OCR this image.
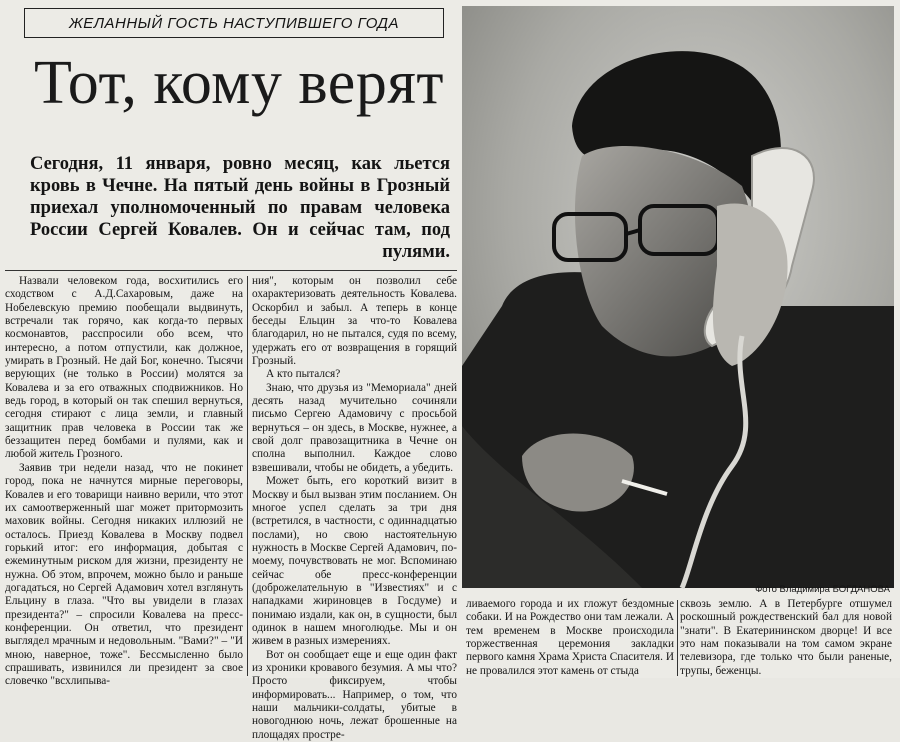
ЖЕЛАННЫЙ ГОСТЬ НАСТУПИВШЕГО ГОДА
Тот, кому верят
Сегодня, 11 января, ровно месяц, как льется кровь в Чечне. На пятый день войны в Грозный приехал уполномоченный по правам человека России Сергей Ковалев. Он и сейчас там, под пулями.

Назвали человеком года, восхитились его сходством с А.Д.Сахаровым, даже на Нобелевскую премию пообещали выдвинуть, встречали так горячо, как когда-то первых космонавтов, расспросили обо всем, что интересно, а потом отпустили, как должное, умирать в Грозный. Не дай Бог, конечно. Тысячи верующих (не только в России) молятся за Ковалева и за его отважных сподвижников. Но ведь город, в который он так спешил вернуться, сегодня стирают с лица земли, и главный защитник прав человека в России так же беззащитен перед бомбами и пулями, как и любой житель Грозного.

Заявив три недели назад, что не покинет город, пока не начнутся мирные переговоры, Ковалев и его товарищи наивно верили, что этот их самоотверженный шаг может притормозить маховик войны. Сегодня никаких иллюзий не осталось. Приезд Ковалева в Москву подвел горький итог: его информация, добытая с ежеминутным риском для жизни, президенту не нужна. Об этом, впрочем, можно было и раньше догадаться, но Сергей Адамович хотел взглянуть Ельцину в глаза. "Что вы увидели в глазах президента?" – спросили Ковалева на пресс-конференции. Он ответил, что президент выглядел мрачным и недовольным. "Вами?" – "И мною, наверное, тоже". Бессмысленно было спрашивать, извинился ли президент за свое словечко "всхлипыва-

ния", которым он позволил себе охарактеризовать деятельность Ковалева. Оскорбил и забыл. А теперь в конце беседы Ельцин за что-то Ковалева благодарил, но не пытался, судя по всему, удержать его от возвращения в горящий Грозный.

А кто пытался?

Знаю, что друзья из "Мемориала" дней десять назад мучительно сочиняли письмо Сергею Адамовичу с просьбой вернуться – он здесь, в Москве, нужнее, а свой долг правозащитника в Чечне он сполна выполнил. Каждое слово взвешивали, чтобы не обидеть, а убедить.

Может быть, его короткий визит в Москву и был вызван этим посланием. Он многое успел сделать за три дня (встретился, в частности, с одиннадцатью послами), но свою настоятельную нужность в Москве Сергей Адамович, по-моему, почувствовать не мог. Вспоминаю сейчас обе пресс-конференции (доброжелательную в "Известиях" и с нападками жириновцев в Госдуме) и понимаю издали, как он, в сущности, был одинок в нашем многолюдье. Мы и он живем в разных измерениях.

Вот он сообщает еще и еще один факт из хроники кровавого безумия. А мы что? Просто фиксируем, чтобы информировать... Например, о том, что наши мальчики-солдаты, убитые в новогоднюю ночь, лежат брошенные на площадях простре-

Фото Владимира БОГДАНОВА

ливаемого города и их гложут бездомные собаки. И на Рождество они там лежали. А тем временем в Москве происходила торжественная церемония закладки первого камня Храма Христа Спасителя. И не провалился этот камень от стыда

сквозь землю. А в Петербурге отшумел роскошный рождественский бал для новой "знати". В Екатерининском дворце! И все это нам показывали на том самом экране телевизора, где только что были раненые, трупы, беженцы.
